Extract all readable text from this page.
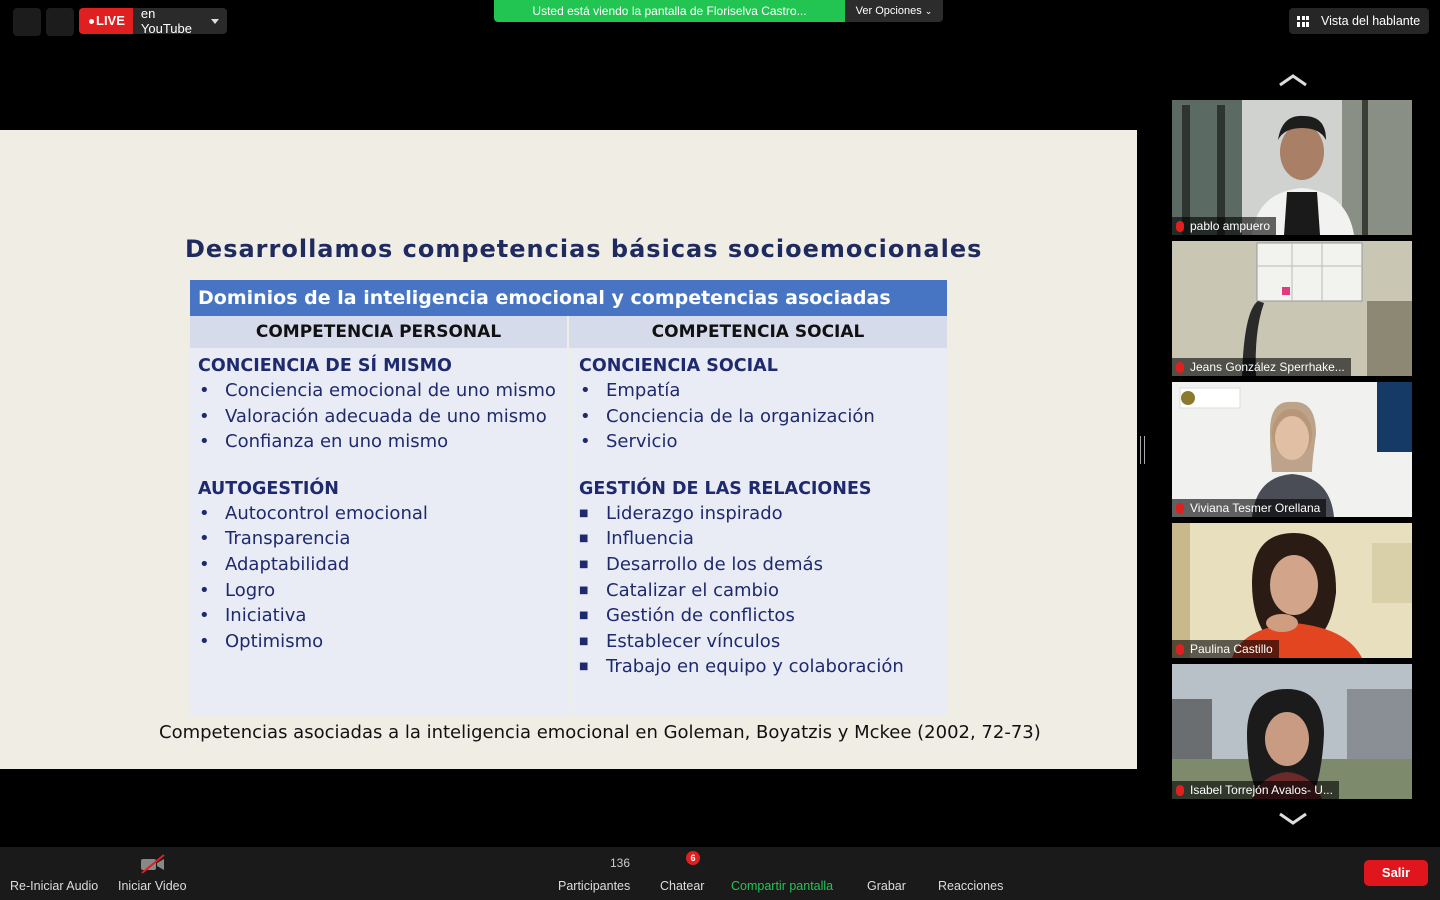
LIVE	en YouTube
Usted está viendo la pantalla de Floriselva Castro...	Ver Opciones ⌄
Vista del hablante
Desarrollamos competencias básicas socioemocionales
Dominios de la inteligencia emocional y competencias asociadas
COMPETENCIA PERSONAL	COMPETENCIA SOCIAL
CONCIENCIA DE SÍ MISMO
• Conciencia emocional de uno mismo
• Valoración adecuada de uno mismo
• Confianza en uno mismo
AUTOGESTIÓN
• Autocontrol emocional
• Transparencia
• Adaptabilidad
• Logro
• Iniciativa
• Optimismo
CONCIENCIA SOCIAL
• Empatía
• Conciencia de la organización
• Servicio
GESTIÓN DE LAS RELACIONES
■ Liderazgo inspirado
■ Influencia
■ Desarrollo de los demás
■ Catalizar el cambio
■ Gestión de conflictos
■ Establecer vínculos
■ Trabajo en equipo y colaboración
Competencias asociadas a la inteligencia emocional en Goleman, Boyatzis y Mckee (2002, 72-73)
pablo ampuero
Jeans González Sperrhake...
Viviana Tesmer Orellana
Paulina Castillo
Isabel Torrejón Avalos- U...
Re-Iniciar Audio Iniciar Video
136
Participantes Chatear Compartir pantalla	Grabar	Reacciones
6
Salir
